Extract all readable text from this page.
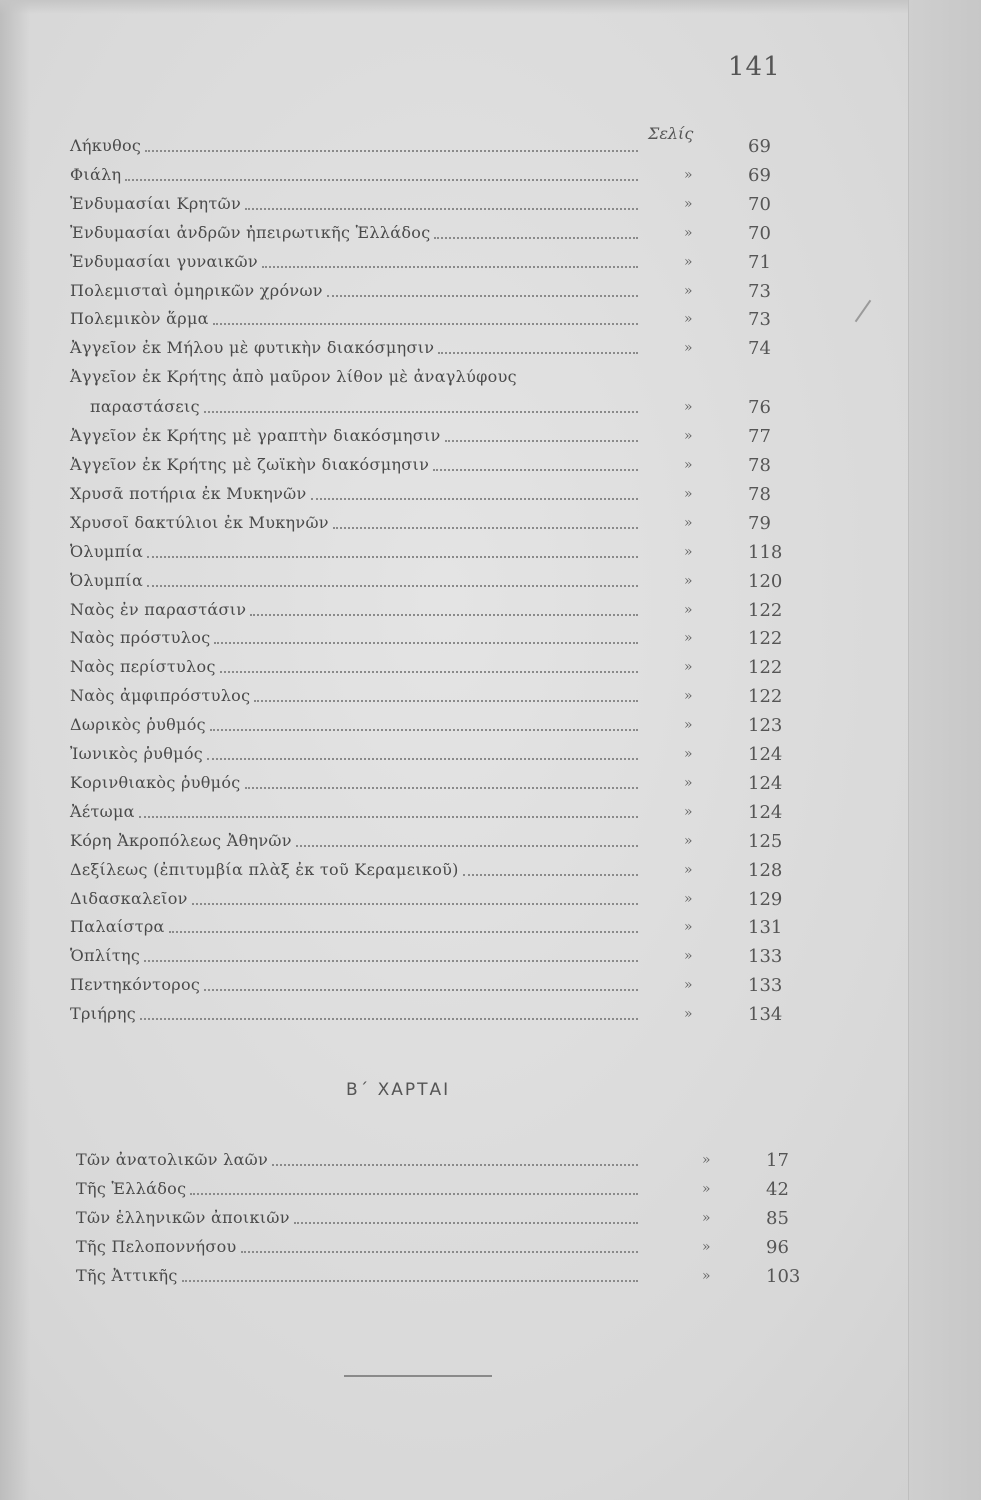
141
Σελίς
Λήκυθος	69
Φιάλη	»	69
Ἐνδυμασίαι Κρητῶν	»	70
Ἐνδυμασίαι ἀνδρῶν ἠπειρωτικῆς Ἑλλάδος	»	70
Ἐνδυμασίαι γυναικῶν	»	71
Πολεμισταὶ ὁμηρικῶν χρόνων	»	73
Πολεμικὸν ἅρμα	»	73
Ἀγγεῖον ἐκ Μήλου μὲ φυτικὴν διακόσμησιν	»	74
Ἀγγεῖον ἐκ Κρήτης ἀπὸ μαῦρον λίθον μὲ ἀναγλύφους
παραστάσεις	»	76
Ἀγγεῖον ἐκ Κρήτης μὲ γραπτὴν διακόσμησιν	»	77
Ἀγγεῖον ἐκ Κρήτης μὲ ζωϊκὴν διακόσμησιν	»	78
Χρυσᾶ ποτήρια ἐκ Μυκηνῶν	»	78
Χρυσοῖ δακτύλιοι ἐκ Μυκηνῶν	»	79
Ὀλυμπία	»	118
Ὀλυμπία	»	120
Ναὸς ἐν παραστάσιν	»	122
Ναὸς πρόστυλος	»	122
Ναὸς περίστυλος	»	122
Ναὸς ἀμφιπρόστυλος	»	122
Δωρικὸς ῥυθμός	»	123
Ἰωνικὸς ῥυθμός	»	124
Κορινθιακὸς ῥυθμός	»	124
Ἀέτωμα	»	124
Κόρη Ἀκροπόλεως Ἀθηνῶν	»	125
Δεξίλεως (ἐπιτυμβία πλὰξ ἐκ τοῦ Κεραμεικοῦ)	»	128
Διδασκαλεῖον	»	129
Παλαίστρα	»	131
Ὁπλίτης	»	133
Πεντηκόντορος	»	133
Τριήρης	»	134
Β΄ ΧΑΡΤΑΙ
Τῶν ἀνατολικῶν λαῶν	»	17
Τῆς Ἑλλάδος	»	42
Τῶν ἑλληνικῶν ἀποικιῶν	»	85
Τῆς Πελοποννήσου	»	96
Τῆς Ἀττικῆς	»	103
